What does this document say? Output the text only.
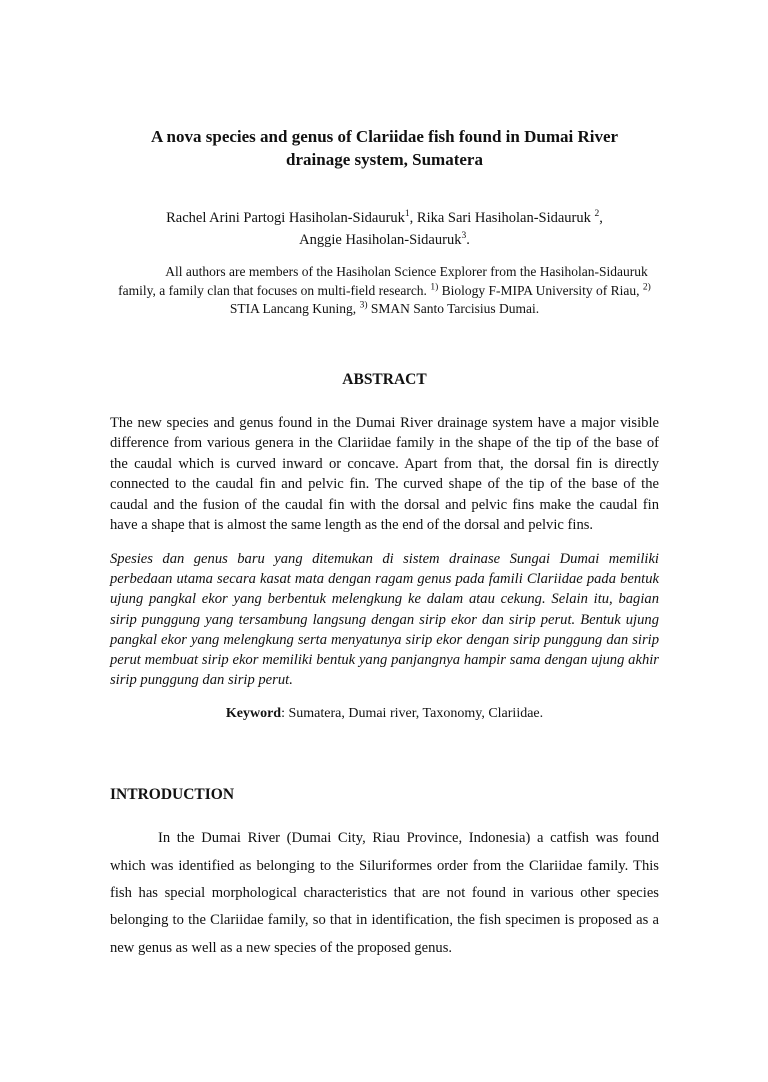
A nova species and genus of Clariidae fish found in Dumai River
drainage system, Sumatera
Rachel Arini Partogi Hasiholan-Sidauruk$^1$, Rika Sari Hasiholan-Sidauruk $^2$,
Anggie Hasiholan-Sidauruk$^3$.
All authors are members of the Hasiholan Science Explorer from the Hasiholan-Sidauruk family, a family clan that focuses on multi-field research. $^{1)}$ Biology F-MIPA University of Riau, $^{2)}$ STIA Lancang Kuning, $^{3)}$ SMAN Santo Tarcisius Dumai.
ABSTRACT
The new species and genus found in the Dumai River drainage system have a major visible difference from various genera in the Clariidae family in the shape of the tip of the base of the caudal which is curved inward or concave. Apart from that, the dorsal fin is directly connected to the caudal fin and pelvic fin. The curved shape of the tip of the base of the caudal and the fusion of the caudal fin with the dorsal and pelvic fins make the caudal fin have a shape that is almost the same length as the end of the dorsal and pelvic fins.
Spesies dan genus baru yang ditemukan di sistem drainase Sungai Dumai memiliki perbedaan utama secara kasat mata dengan ragam genus pada famili Clariidae pada bentuk ujung pangkal ekor yang berbentuk melengkung ke dalam atau cekung. Selain itu, bagian sirip punggung yang tersambung langsung dengan sirip ekor dan sirip perut. Bentuk ujung pangkal ekor yang melengkung serta menyatunya sirip ekor dengan sirip punggung dan sirip perut membuat sirip ekor memiliki bentuk yang panjangnya hampir sama dengan ujung akhir sirip punggung dan sirip perut.
Keyword: Sumatera, Dumai river, Taxonomy, Clariidae.
INTRODUCTION
In the Dumai River (Dumai City, Riau Province, Indonesia) a catfish was found which was identified as belonging to the Siluriformes order from the Clariidae family. This fish has special morphological characteristics that are not found in various other species belonging to the Clariidae family, so that in identification, the fish specimen is proposed as a new genus as well as a new species of the proposed genus.
